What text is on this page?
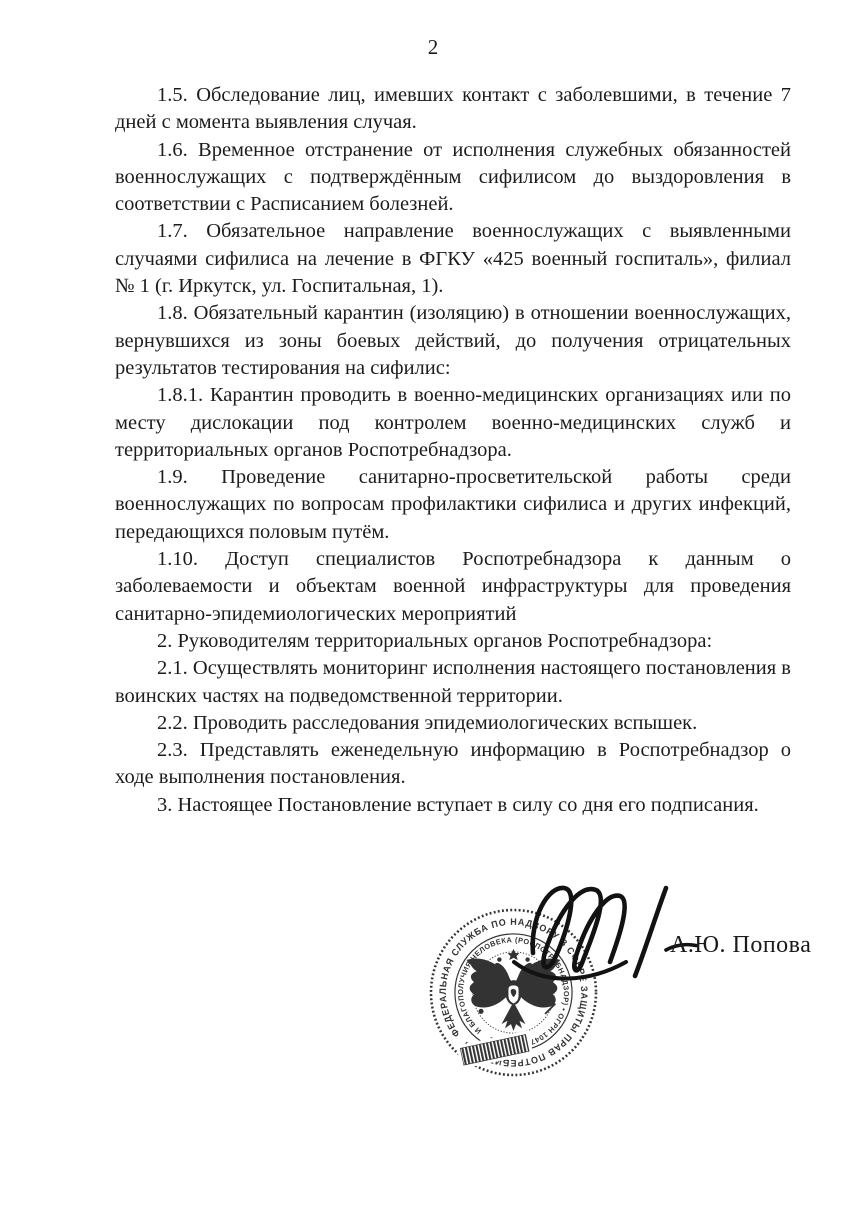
2

1.5. Обследование лиц, имевших контакт с заболевшими, в течение 7 дней с момента выявления случая.

1.6. Временное отстранение от исполнения служебных обязанностей военнослужащих с подтверждённым сифилисом до выздоровления в соответствии с Расписанием болезней.

1.7. Обязательное направление военнослужащих с выявленными случаями сифилиса на лечение в ФГКУ «425 военный госпиталь», филиал № 1 (г. Иркутск, ул. Госпитальная, 1).

1.8. Обязательный карантин (изоляцию) в отношении военнослужащих, вернувшихся из зоны боевых действий, до получения отрицательных результатов тестирования на сифилис:

1.8.1. Карантин проводить в военно-медицинских организациях или по месту дислокации под контролем военно-медицинских служб и территориальных органов Роспотребнадзора.

1.9. Проведение санитарно-просветительской работы среди военнослужащих по вопросам профилактики сифилиса и других инфекций, передающихся половым путём.

1.10. Доступ специалистов Роспотребнадзора к данным о заболеваемости и объектам военной инфраструктуры для проведения санитарно-эпидемиологических мероприятий

2. Руководителям территориальных органов Роспотребнадзора:

2.1. Осуществлять мониторинг исполнения настоящего постановления в воинских частях на подведомственной территории.

2.2. Проводить расследования эпидемиологических вспышек.

2.3. Представлять еженедельную информацию в Роспотребнадзор о ходе выполнения постановления.

3. Настоящее Постановление вступает в силу со дня его подписания.

ФЕДЕРАЛЬНАЯ СЛУЖБА ПО НАДЗОРУ В СФЕРЕ ЗАЩИТЫ ПРАВ ПОТРЕБИТЕЛЕЙ
И БЛАГОПОЛУЧИЯ ЧЕЛОВЕКА (РОСПОТРЕБНАДЗОР) • ОГРН 1047796261512
А.Ю. Попова
